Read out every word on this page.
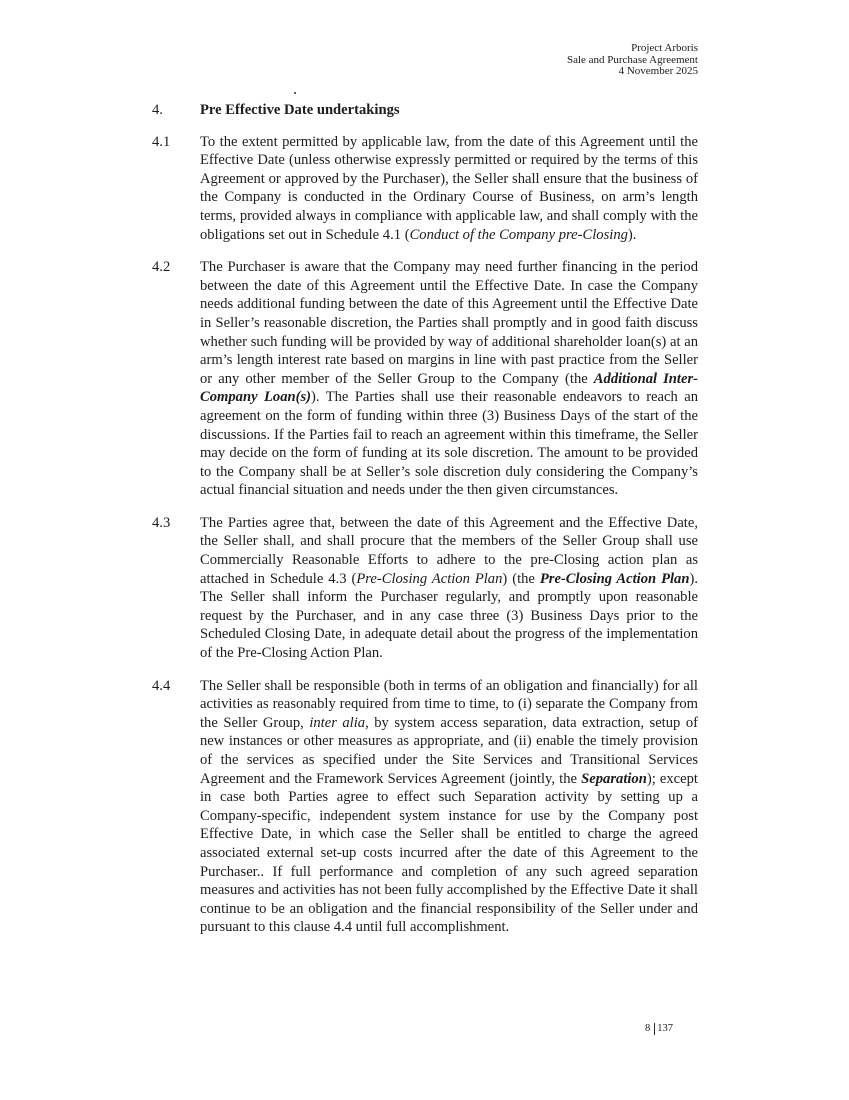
Project Arboris
Sale and Purchase Agreement
4 November 2025
4.	Pre Effective Date undertakings
4.1	To the extent permitted by applicable law, from the date of this Agreement until the Effective Date (unless otherwise expressly permitted or required by the terms of this Agreement or approved by the Purchaser), the Seller shall ensure that the business of the Company is conducted in the Ordinary Course of Business, on arm’s length terms, provided always in compliance with applicable law, and shall comply with the obligations set out in Schedule 4.1 (Conduct of the Company pre-Closing).
4.2	The Purchaser is aware that the Company may need further financing in the period between the date of this Agreement until the Effective Date. In case the Company needs additional funding between the date of this Agreement until the Effective Date in Seller’s reasonable discretion, the Parties shall promptly and in good faith discuss whether such funding will be provided by way of additional shareholder loan(s) at an arm’s length interest rate based on margins in line with past practice from the Seller or any other member of the Seller Group to the Company (the Additional Inter-Company Loan(s)). The Parties shall use their reasonable endeavors to reach an agreement on the form of funding within three (3) Business Days of the start of the discussions. If the Parties fail to reach an agreement within this timeframe, the Seller may decide on the form of funding at its sole discretion. The amount to be provided to the Company shall be at Seller’s sole discretion duly considering the Company’s actual financial situation and needs under the then given circumstances.
4.3	The Parties agree that, between the date of this Agreement and the Effective Date, the Seller shall, and shall procure that the members of the Seller Group shall use Commercially Reasonable Efforts to adhere to the pre-Closing action plan as attached in Schedule 4.3 (Pre-Closing Action Plan) (the Pre-Closing Action Plan). The Seller shall inform the Purchaser regularly, and promptly upon reasonable request by the Purchaser, and in any case three (3) Business Days prior to the Scheduled Closing Date, in adequate detail about the progress of the implementation of the Pre-Closing Action Plan.
4.4	The Seller shall be responsible (both in terms of an obligation and financially) for all activities as reasonably required from time to time, to (i) separate the Company from the Seller Group, inter alia, by system access separation, data extraction, setup of new instances or other measures as appropriate, and (ii) enable the timely provision of the services as specified under the Site Services and Transitional Services Agreement and the Framework Services Agreement (jointly, the Separation); except in case both Parties agree to effect such Separation activity by setting up a Company-specific, independent system instance for use by the Company post Effective Date, in which case the Seller shall be entitled to charge the agreed associated external set-up costs incurred after the date of this Agreement to the Purchaser.. If full performance and completion of any such agreed separation measures and activities has not been fully accomplished by the Effective Date it shall continue to be an obligation and the financial responsibility of the Seller under and pursuant to this clause 4.4 until full accomplishment.
8 137
